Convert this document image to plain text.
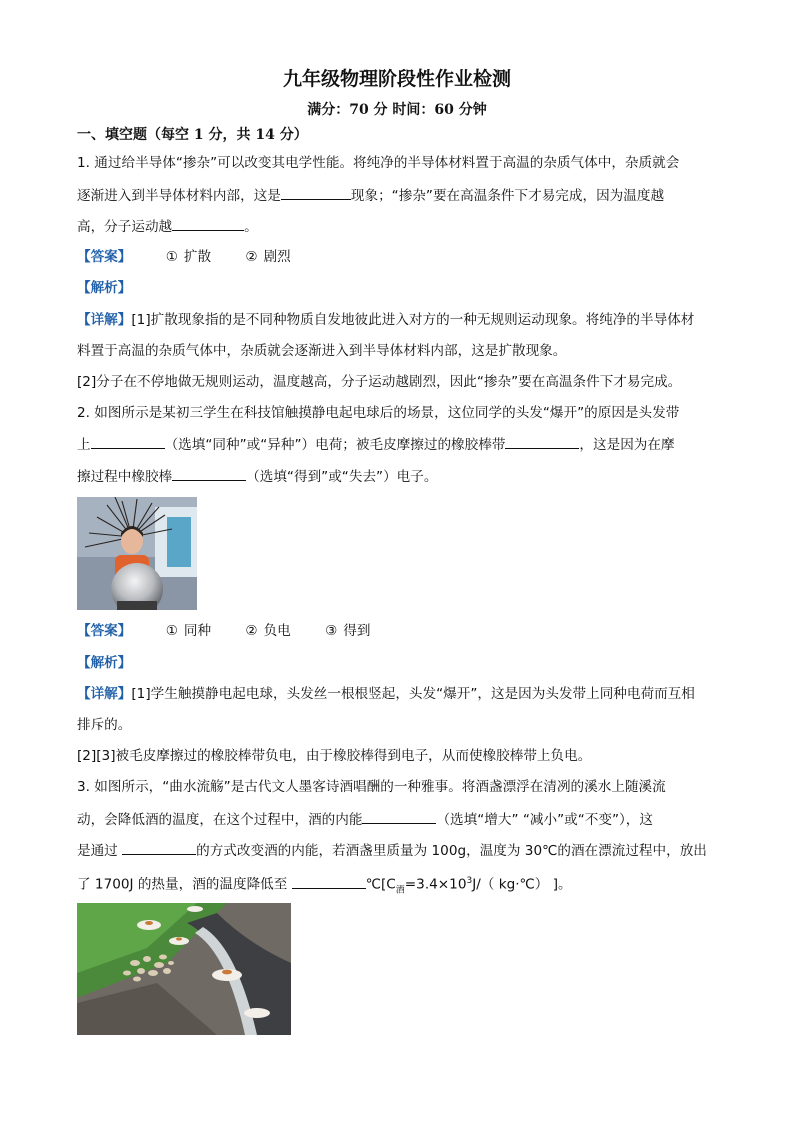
九年级物理阶段性作业检测
满分：70 分 时间：60 分钟
一、填空题（每空 1 分，共 14 分）
1. 通过给半导体“掺杂”可以改变其电学性能。将纯净的半导体材料置于高温的杂质气体中，杂质就会
逐渐进入到半导体材料内部，这是	现象；“掺杂”要在高温条件下才易完成，因为温度越
高，分子运动越	。
【答案】	① 扩散	② 剧烈
【解析】
【详解】[1]扩散现象指的是不同种物质自发地彼此进入对方的一种无规则运动现象。将纯净的半导体材
料置于高温的杂质气体中，杂质就会逐渐进入到半导体材料内部，这是扩散现象。
[2]分子在不停地做无规则运动，温度越高，分子运动越剧烈，因此“掺杂”要在高温条件下才易完成。
2. 如图所示是某初三学生在科技馆触摸静电起电球后的场景，这位同学的头发“爆开”的原因是头发带
上	（选填“同种”或“异种”）电荷；被毛皮摩擦过的橡胶棒带	，这是因为在摩
擦过程中橡胶棒	（选填“得到”或“失去”）电子。
【答案】	① 同种	② 负电	③ 得到
【解析】
【详解】[1]学生触摸静电起电球，头发丝一根根竖起，头发“爆开”，这是因为头发带上同种电荷而互相
排斥的。
[2][3]被毛皮摩擦过的橡胶棒带负电，由于橡胶棒得到电子，从而使橡胶棒带上负电。
3. 如图所示，“曲水流觞”是古代文人墨客诗酒唱酬的一种雅事。将酒盏漂浮在清冽的溪水上随溪流
动，会降低酒的温度，在这个过程中，酒的内能	（选填“增大” “减小”或“不变”），这
是通过	的方式改变酒的内能，若酒盏里质量为 100g，温度为 30℃的酒在漂流过程中，放出
了 1700J 的热量，酒的温度降低至	$℃[C_酒=3.4\times 10^3J/$（ kg·℃） ]。
